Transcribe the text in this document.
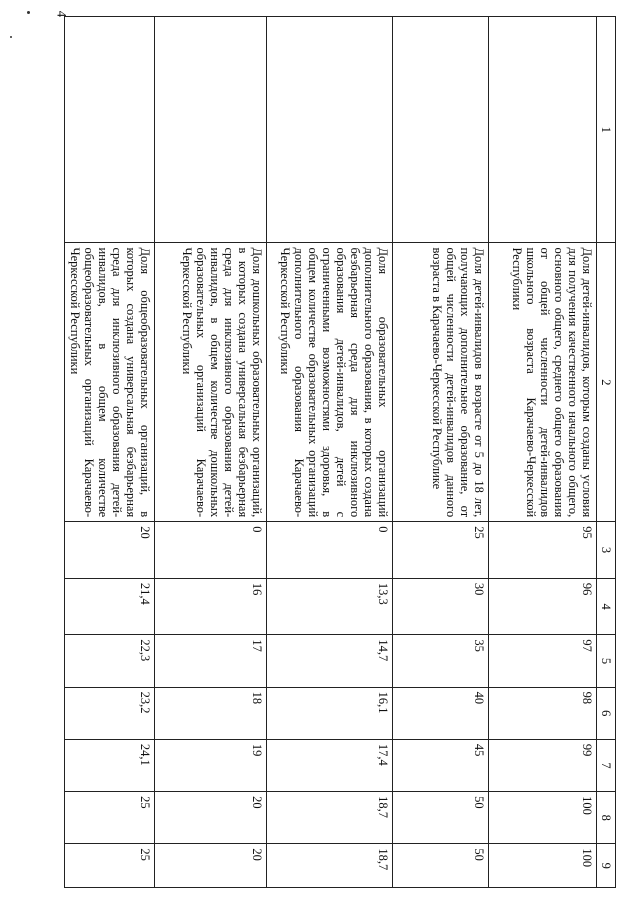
4
1	2	3	4	5	6	7	8	9
	Доля детей-инвалидов, которым созданы условия для получения качественного начального общего, основного общего, среднего общего образования от общей численности детей-инвалидов школьного возраста Карачаево-Черкесской Республики	95	96	97	98	99	100	100
	Доля детей-инвалидов в возрасте от 5 до 18 лет, получающих дополнительное образование, от общей численности детей-инвалидов данного возраста в Карачаево-Черкесской Республике	25	30	35	40	45	50	50
	Доля образовательных организаций дополнительного образования, в которых создана безбарьерная среда для инклюзивного образования детей-инвалидов, детей с ограниченными возможностями здоровья, в общем количестве образовательных организаций дополнительного образования Карачаево-Черкесской Республики	0	13,3	14,7	16,1	17,4	18,7	18,7
	Доля дошкольных образовательных организаций, в которых создана универсальная безбарьерная среда для инклюзивного образования детей-инвалидов, в общем количестве дошкольных образовательных организаций Карачаево-Черкесской Республики	0	16	17	18	19	20	20
	Доля общеобразовательных организаций, в которых создана универсальная безбарьерная среда для инклюзивного образования детей-инвалидов, в общем количестве общеобразовательных организаций Карачаево-Черкесской Республики	20	21,4	22,3	23,2	24,1	25	25
